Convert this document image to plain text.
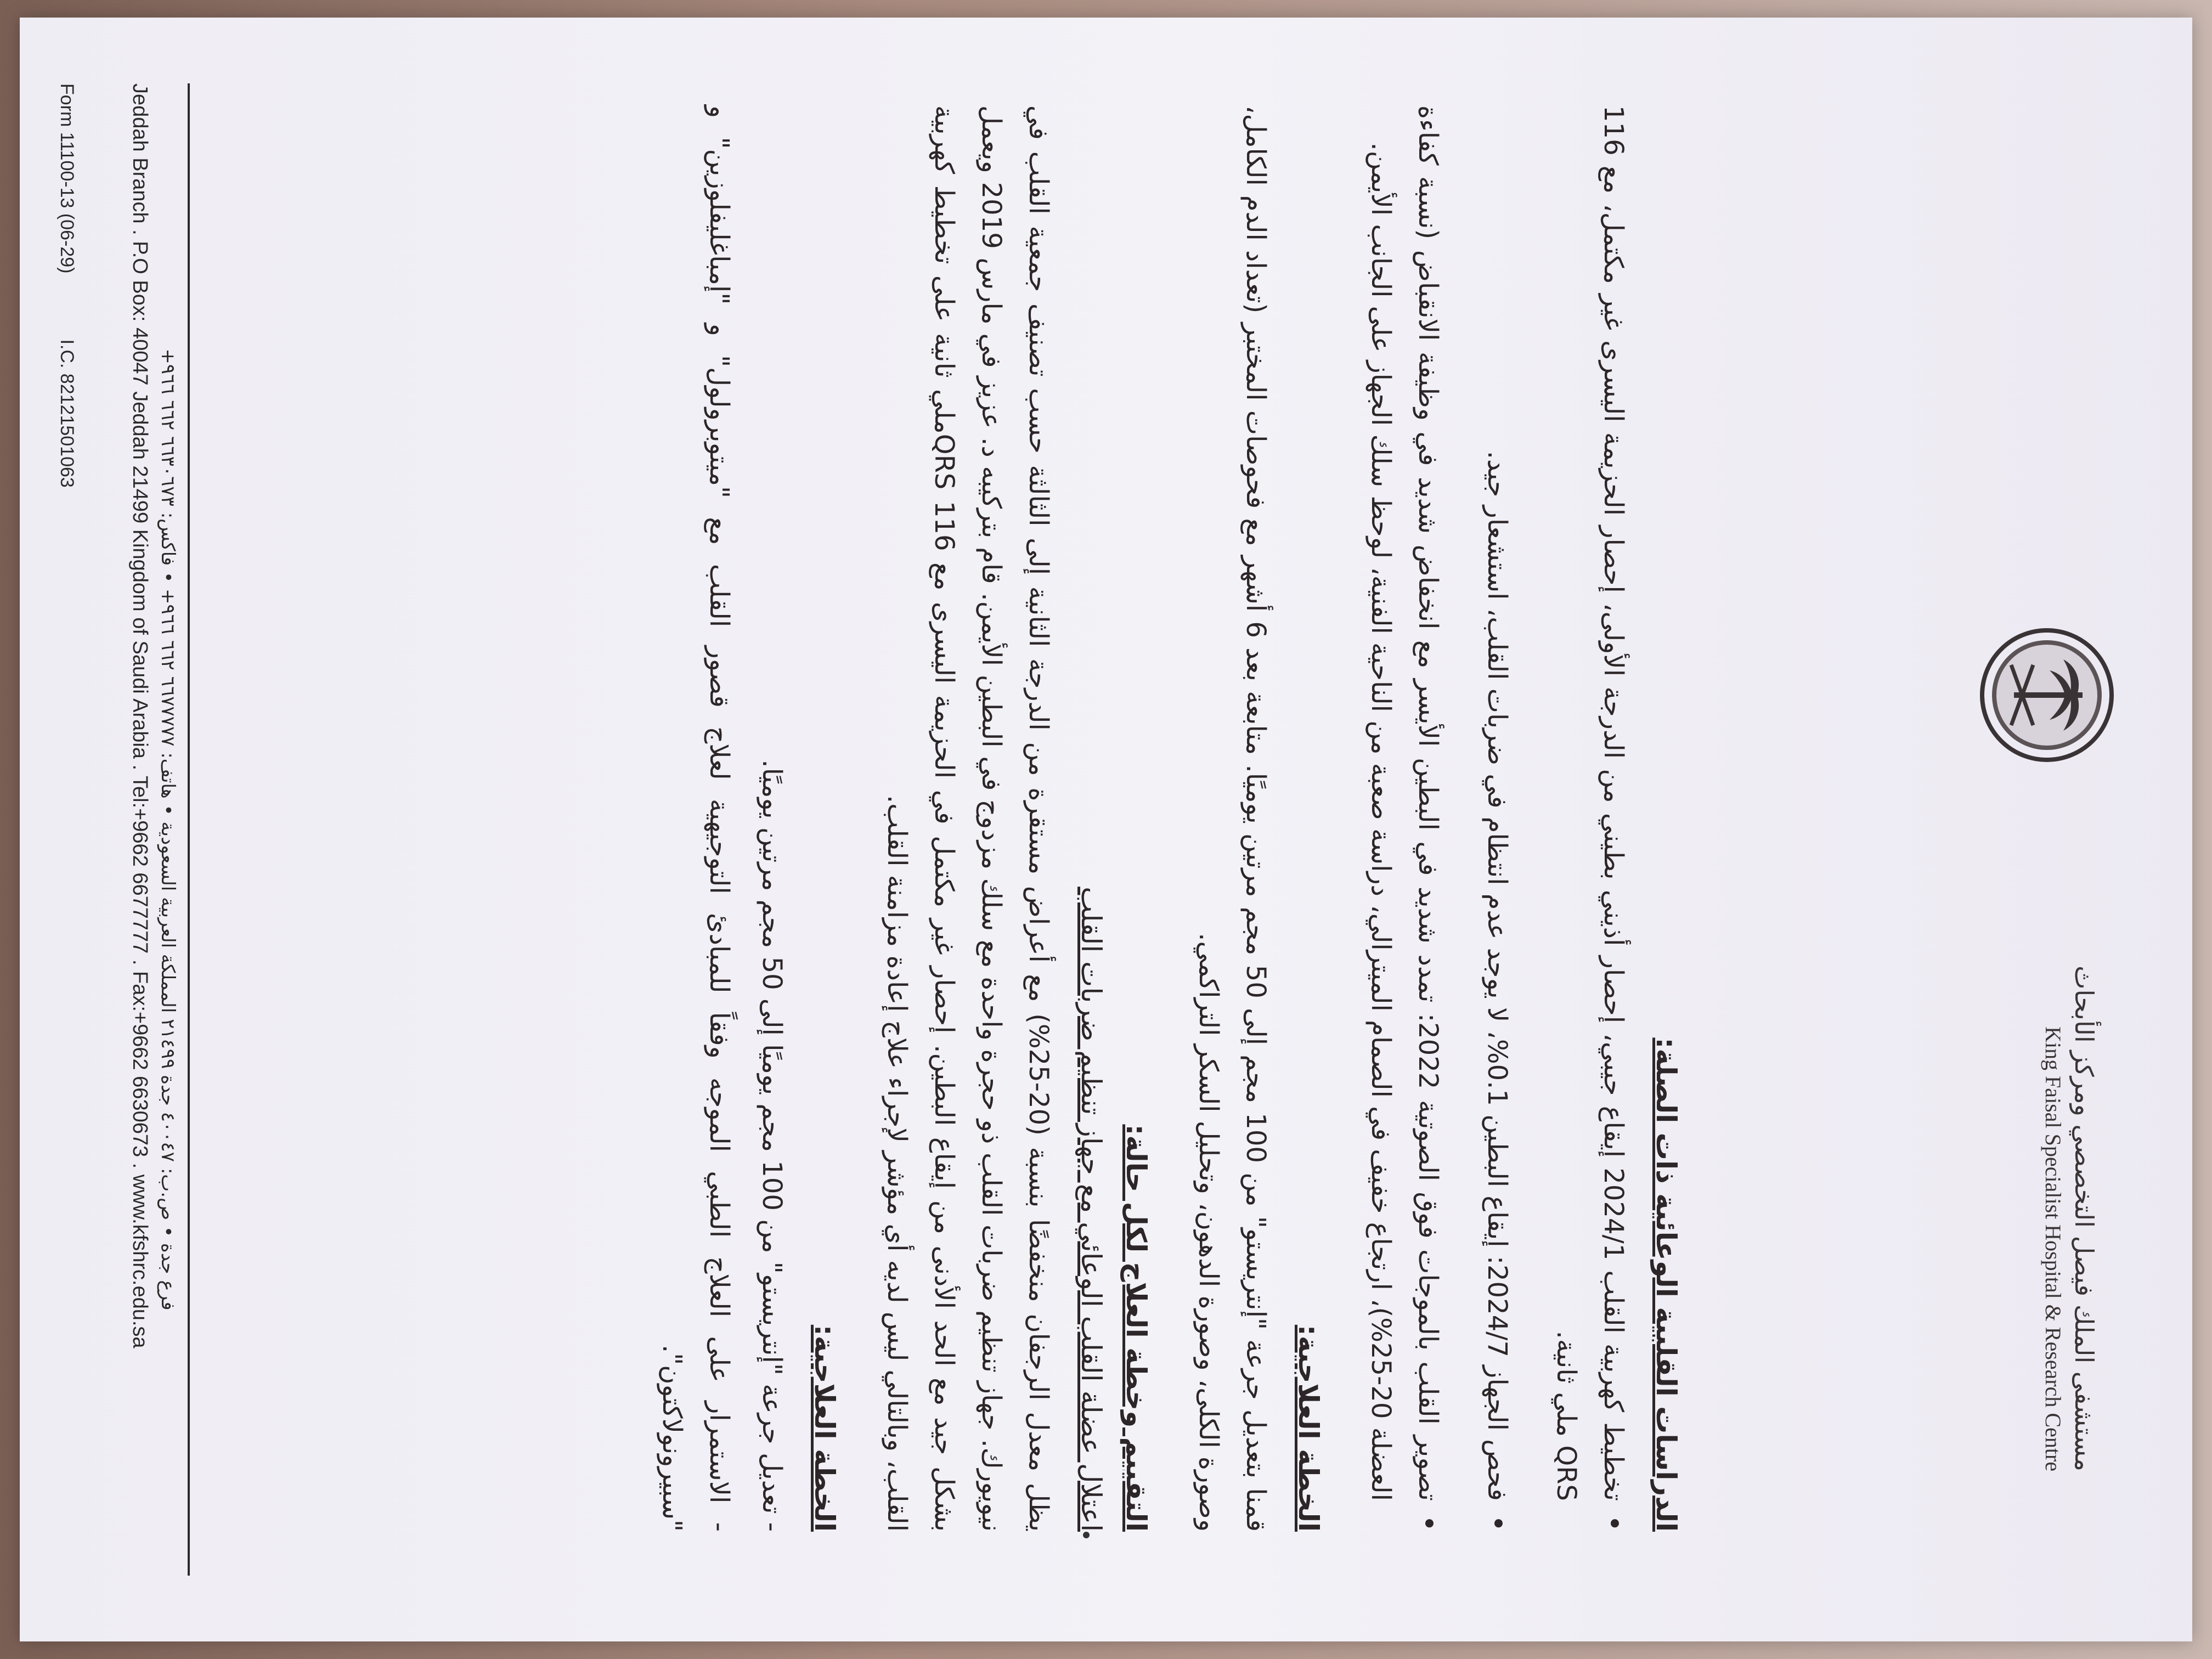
مستشفى الملك فيصل التخصصي ومركز الأبحاث
King Faisal Specialist Hospital & Research Centre
الدراسات القلبية الوعائية ذات الصلة:
• تخطيط كهربية القلب 2024/1 إيقاع جيبي، إحصار أذيني بطيني من الدرجة الأولى، إحصار الحزيمة اليسرى غير مكتمل، مع 116 QRS ملي ثانية.
• فحص الجهاز 2024/7: إيقاع البطين 0.1%، لا يوجد عدم انتظام في ضربات القلب، استشعار جيد.
• تصوير القلب بالموجات فوق الصوتية 2022: تمدد شديد في البطين الأيسر مع انخفاض شديد في وظيفة الانقباض (نسبة كفاءة العضلة 20-25%)، ارتجاع خفيف في الصمام الميترالي، دراسة صعبة من الناحية الفنية، لوحظ سلك الجهاز على الجانب الأيمن.
الخطة العلاجية:
قمنا بتعديل جرعة "إنتريستو" من 100 مجم إلى 50 مجم مرتين يوميًا. متابعة بعد 6 أشهر مع فحوصات المختبر (تعداد الدم الكامل، وصورة الكلى، وصورة الدهون، وتحليل السكر التراكمي.
التقييم وخطة العلاج لكل حالة:
اعتلال عضلة القلب الوعائي مع جهاز تنظيم ضربات القلب
يظل معدل الرجفان منخفضًا بنسبة (20-25%) مع أعراض مستقرة من الدرجة الثانية إلى الثالثة حسب تصنيف جمعية القلب في نيويورك. جهاز تنظيم ضربات القلب ذو حجرة واحدة مع سلك مزدوج في البطين الأيمن. قام بتركيبه د. عزيز في مارس 2019 ويعمل بشكل جيد مع الحد الأدنى من إيقاع البطين. إحصار غير مكتمل في الحزيمة اليسرى مع 116 QRSملي ثانية على تخطيط كهربية القلب، وبالتالي ليس لديه أي مؤشر لإجراء علاج إعادة مزامنة القلب.
الخطة العلاجية:
- تعديل جرعة "إنتريستو" من 100 مجم يوميًا إلى 50 مجم مرتين يوميًا.
- الاستمرار على العلاج الطبي الموجه وفقاً للمبادئ التوجيهية لعلاج قصور القلب مع "ميتوبرولول" و "إمباغليفلوزين" و "سبيرونولاكتون".
فرع جدة • ص.ب: ٤٠٠٤٧ جدة ٢١٤٩٩ المملكة العربية السعودية • هاتف: ٦٦٧٧٧٧٧ ٦٦٢ ٩٦٦+ • فاكس: ٦٦٣٠٦٧٣ ٦٦٢ ٩٦٦+
Jeddah Branch . P.O Box: 40047 Jeddah 21499 Kingdom of Saudi Arabia . Tel:+9662 6677777 . Fax:+9662 6630673 . www.kfshrc.edu.sa
Form 11100-13 (06-29)
I.C. 82121501063
